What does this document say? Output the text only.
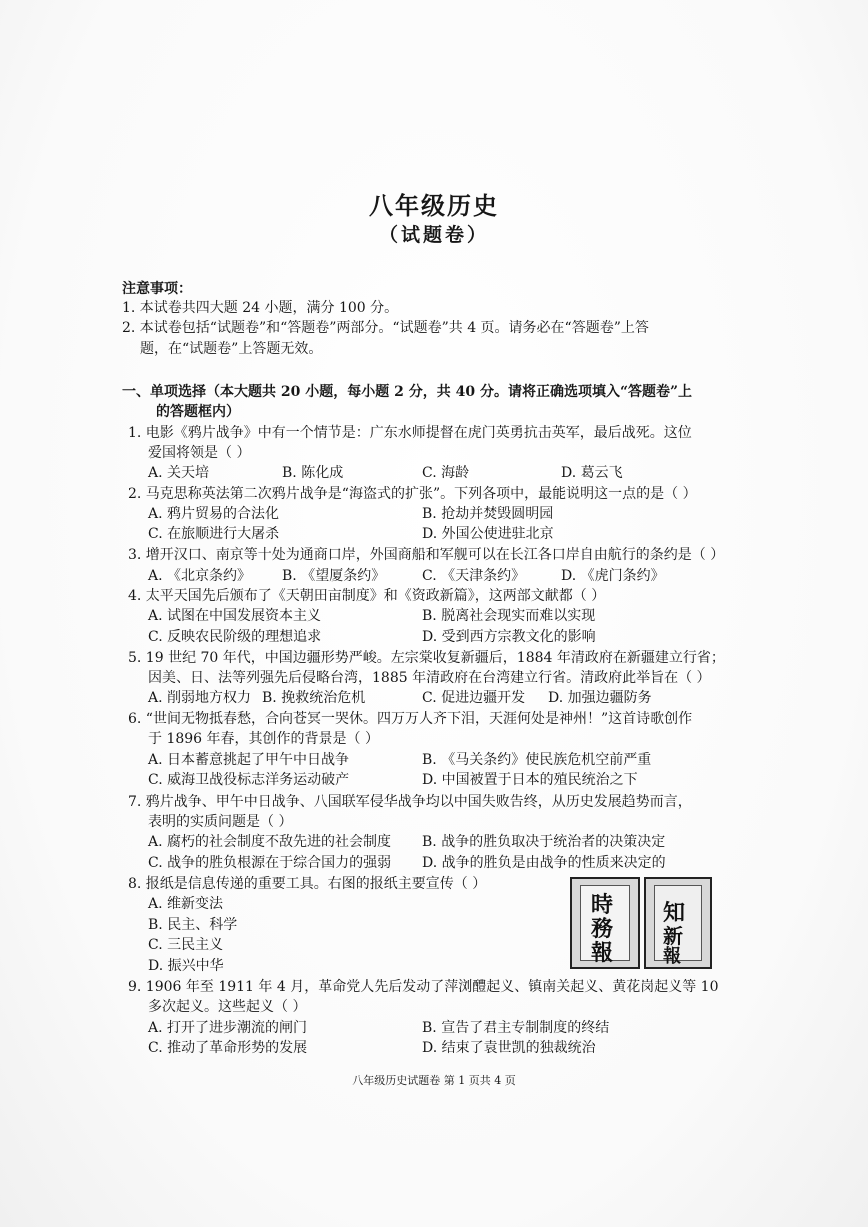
八年级历史
（试题卷）
注意事项：
1. 本试卷共四大题 24 小题，满分 100 分。
2. 本试卷包括“试题卷”和“答题卷”两部分。“试题卷”共 4 页。请务必在“答题卷”上答
题，在“试题卷”上答题无效。
一、单项选择（本大题共 20 小题，每小题 2 分，共 40 分。请将正确选项填入“答题卷”上
的答题框内）
1. 电影《鸦片战争》中有一个情节是：广东水师提督在虎门英勇抗击英军，最后战死。这位
爱国将领是（ ）
A. 关天培	B. 陈化成	C. 海龄	D. 葛云飞
2. 马克思称英法第二次鸦片战争是“海盗式的扩张”。下列各项中，最能说明这一点的是（ ）
A. 鸦片贸易的合法化	B. 抢劫并焚毁圆明园
C. 在旅顺进行大屠杀	D. 外国公使进驻北京
3. 增开汉口、南京等十处为通商口岸，外国商船和军舰可以在长江各口岸自由航行的条约是（ ）
A. 《北京条约》 B. 《望厦条约》	C. 《天津条约》	D. 《虎门条约》
4. 太平天国先后颁布了《天朝田亩制度》和《资政新篇》，这两部文献都（ ）
A. 试图在中国发展资本主义	B. 脱离社会现实而难以实现
C. 反映农民阶级的理想追求	D. 受到西方宗教文化的影响
5. 19 世纪 70 年代，中国边疆形势严峻。左宗棠收复新疆后，1884 年清政府在新疆建立行省；
因美、日、法等列强先后侵略台湾，1885 年清政府在台湾建立行省。清政府此举旨在（ ）
A. 削弱地方权力 B. 挽救统治危机	C. 促进边疆开发 D. 加强边疆防务
6. “世间无物抵春愁，合向苍冥一哭休。四万万人齐下泪，天涯何处是神州！”这首诗歌创作
于 1896 年春，其创作的背景是（ ）
A. 日本蓄意挑起了甲午中日战争	B. 《马关条约》使民族危机空前严重
C. 威海卫战役标志洋务运动破产	D. 中国被置于日本的殖民统治之下
7. 鸦片战争、甲午中日战争、八国联军侵华战争均以中国失败告终，从历史发展趋势而言，
表明的实质问题是（ ）
A. 腐朽的社会制度不敌先进的社会制度 B. 战争的胜负取决于统治者的决策决定
C. 战争的胜负根源在于综合国力的强弱 D. 战争的胜负是由战争的性质来决定的
8. 报纸是信息传递的重要工具。右图的报纸主要宣传（ ）
A. 维新变法
B. 民主、科学
C. 三民主义
D. 振兴中华
時
務
報
知
新
報
9. 1906 年至 1911 年 4 月，革命党人先后发动了萍浏醴起义、镇南关起义、黄花岗起义等 10
多次起义。这些起义（ ）
A. 打开了进步潮流的闸门	B. 宣告了君主专制制度的终结
C. 推动了革命形势的发展	D. 结束了袁世凯的独裁统治
八年级历史试题卷 第 1 页共 4 页
